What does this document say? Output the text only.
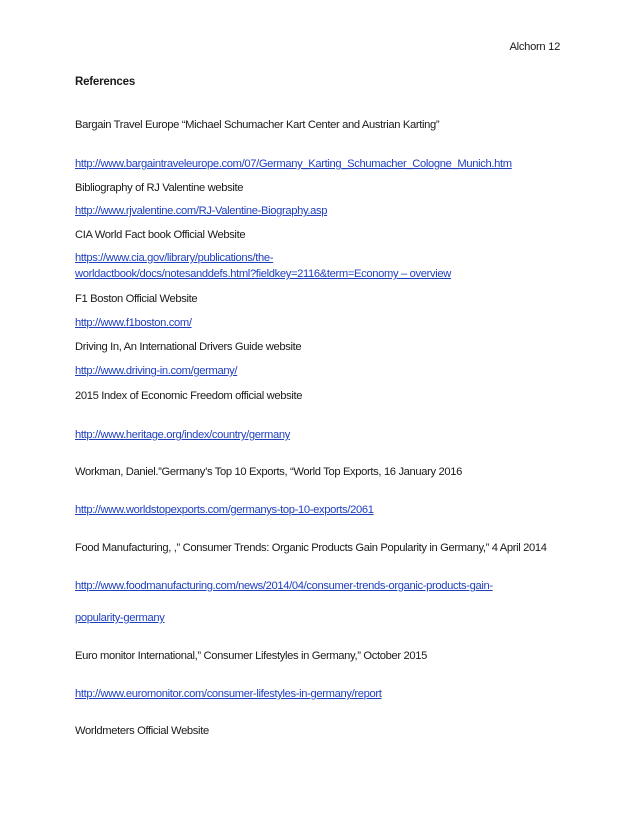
Alchorn 12
References
Bargain Travel Europe “Michael Schumacher Kart Center and Austrian Karting”
http://www.bargaintraveleurope.com/07/Germany_Karting_Schumacher_Cologne_Munich.htm
Bibliography of RJ Valentine website
http://www.rjvalentine.com/RJ-Valentine-Biography.asp
CIA World Fact book Official Website
https://www.cia.gov/library/publications/the-
worldactbook/docs/notesanddefs.html?fieldkey=2116&term=Economy – overview
F1 Boston Official Website
http://www.f1boston.com/
Driving In, An International Drivers Guide website
http://www.driving-in.com/germany/
2015 Index of Economic Freedom official website
http://www.heritage.org/index/country/germany
Workman, Daniel.”Germany’s Top 10 Exports, “World Top Exports, 16 January 2016
http://www.worldstopexports.com/germanys-top-10-exports/2061
Food Manufacturing, ,” Consumer Trends: Organic Products Gain Popularity in Germany,” 4 April 2014
http://www.foodmanufacturing.com/news/2014/04/consumer-trends-organic-products-gain-
popularity-germany
Euro monitor International,” Consumer Lifestyles in Germany,” October 2015
http://www.euromonitor.com/consumer-lifestyles-in-germany/report
Worldmeters Official Website
